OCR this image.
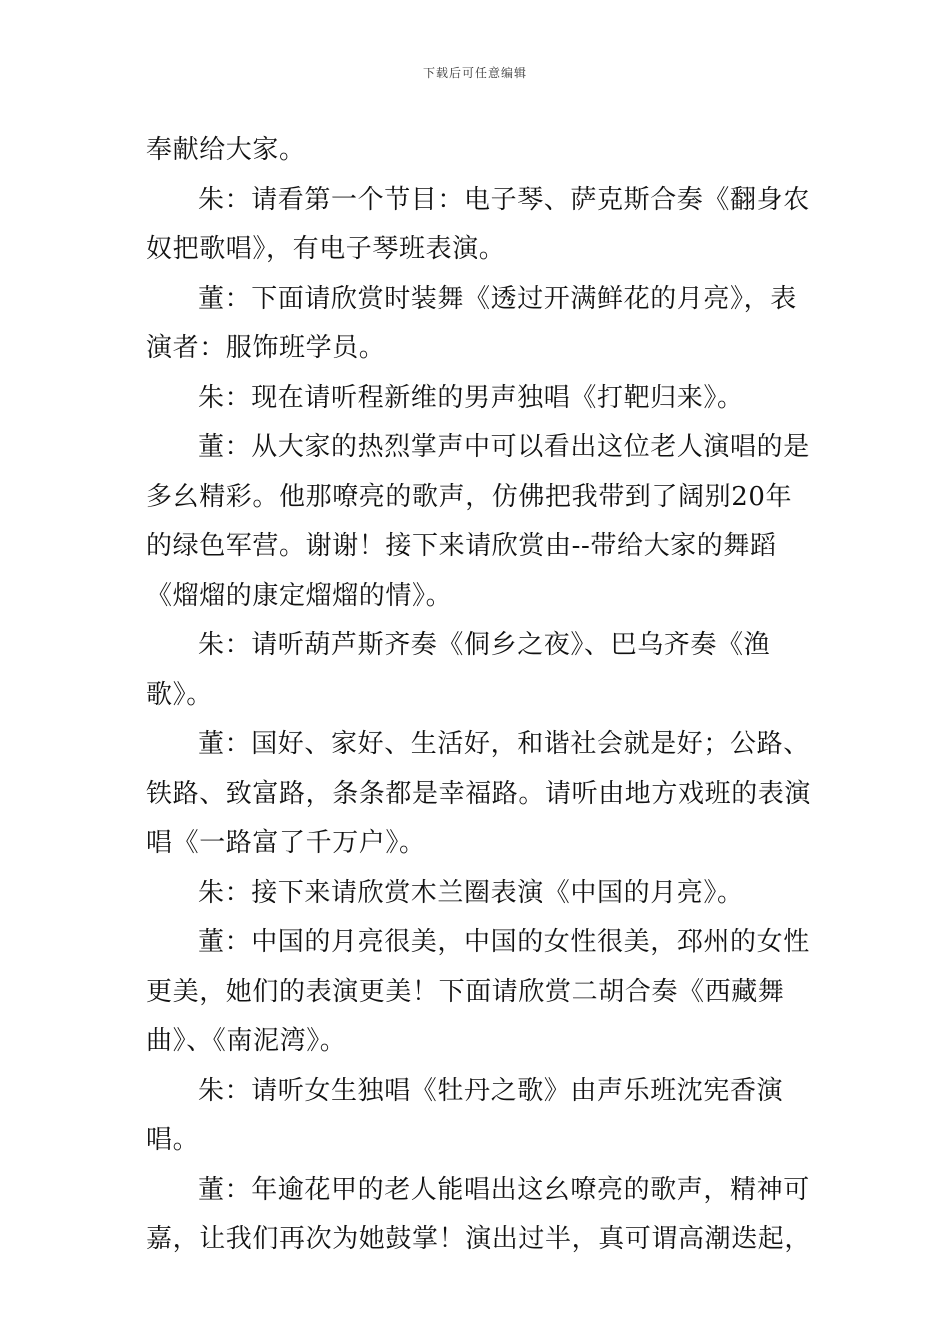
下载后可任意编辑

奉献给大家。

朱：请看第一个节目：电子琴、萨克斯合奏《翻身农奴把歌唱》，有电子琴班表演。

董：下面请欣赏时装舞《透过开满鲜花的月亮》，表演者：服饰班学员。

朱：现在请听程新维的男声独唱《打靶归来》。

董：从大家的热烈掌声中可以看出这位老人演唱的是多幺精彩。他那嘹亮的歌声，仿佛把我带到了阔别20年的绿色军营。谢谢！接下来请欣赏由--带给大家的舞蹈《熘熘的康定熘熘的情》。

朱：请听葫芦斯齐奏《侗乡之夜》、巴乌齐奏《渔歌》。

董：国好、家好、生活好，和谐社会就是好；公路、铁路、致富路，条条都是幸福路。请听由地方戏班的表演唱《一路富了千万户》。

朱：接下来请欣赏木兰圈表演《中国的月亮》。

董：中国的月亮很美，中国的女性很美，邳州的女性更美，她们的表演更美！下面请欣赏二胡合奏《西藏舞曲》、《南泥湾》。

朱：请听女生独唱《牡丹之歌》由声乐班沈宪香演唱。

董：年逾花甲的老人能唱出这幺嘹亮的歌声，精神可嘉，让我们再次为她鼓掌！演出过半，真可谓高潮迭起，
